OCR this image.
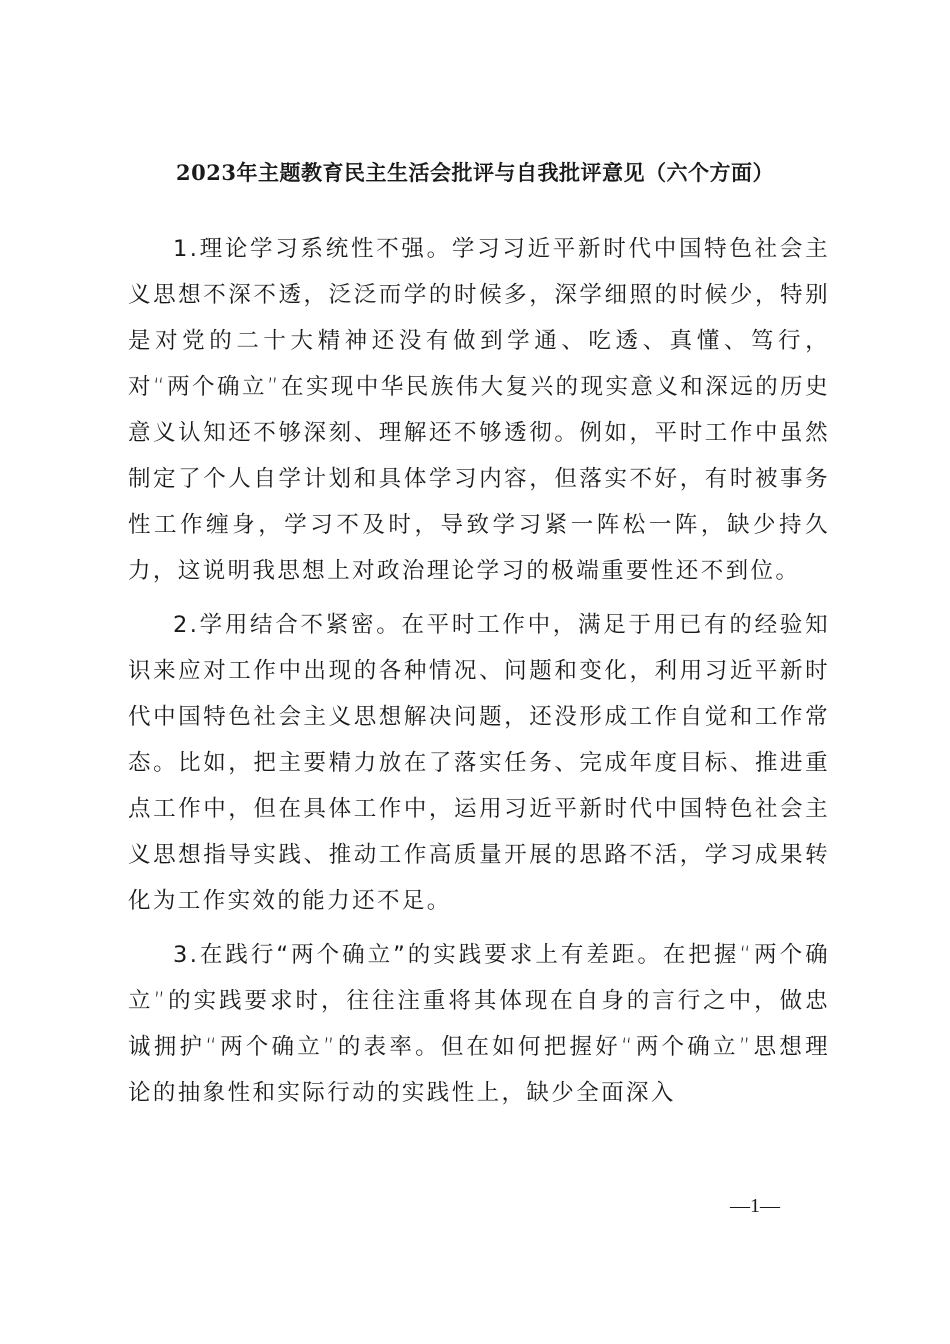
2023年主题教育民主生活会批评与自我批评意见（六个方面）

1.理论学习系统性不强。学习习近平新时代中国特色社会主义思想不深不透，泛泛而学的时候多，深学细照的时候少，特别是对党的二十大精神还没有做到学通、吃透、真懂、笃行，对“两个确立”在实现中华民族伟大复兴的现实意义和深远的历史意义认知还不够深刻、理解还不够透彻。例如，平时工作中虽然制定了个人自学计划和具体学习内容，但落实不好，有时被事务性工作缠身，学习不及时，导致学习紧一阵松一阵，缺少持久力，这说明我思想上对政治理论学习的极端重要性还不到位。

2.学用结合不紧密。在平时工作中，满足于用已有的经验知识来应对工作中出现的各种情况、问题和变化，利用习近平新时代中国特色社会主义思想解决问题，还没形成工作自觉和工作常态。比如，把主要精力放在了落实任务、完成年度目标、推进重点工作中，但在具体工作中，运用习近平新时代中国特色社会主义思想指导实践、推动工作高质量开展的思路不活，学习成果转化为工作实效的能力还不足。

3.在践行“两个确立”的实践要求上有差距。在把握“两个确立”的实践要求时，往往注重将其体现在自身的言行之中，做忠诚拥护“两个确立”的表率。但在如何把握好“两个确立”思想理论的抽象性和实际行动的实践性上，缺少全面深入

—1—
